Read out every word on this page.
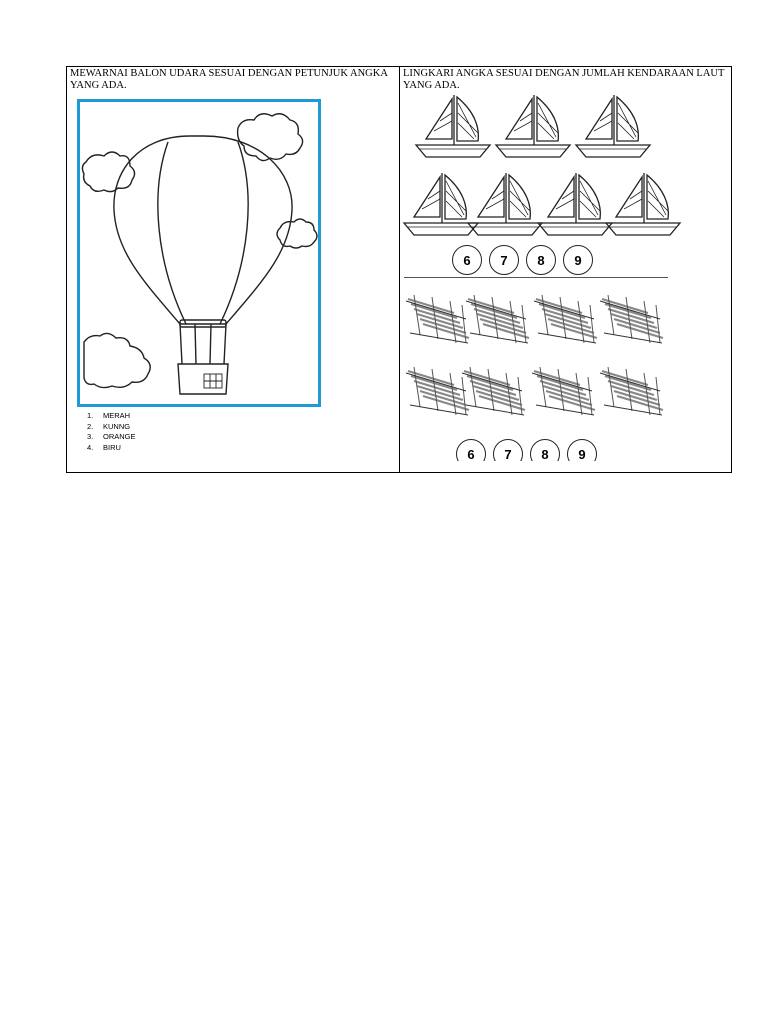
MEWARNAI BALON UDARA SESUAI DENGAN PETUNJUK ANGKA YANG ADA.
1.	MERAH
2.	KUNNG
3.	ORANGE
4.	BIRU
LINGKARI ANGKA SESUAI DENGAN JUMLAH KENDARAAN LAUT YANG ADA.
6	7	8	9
6	7	8	9
